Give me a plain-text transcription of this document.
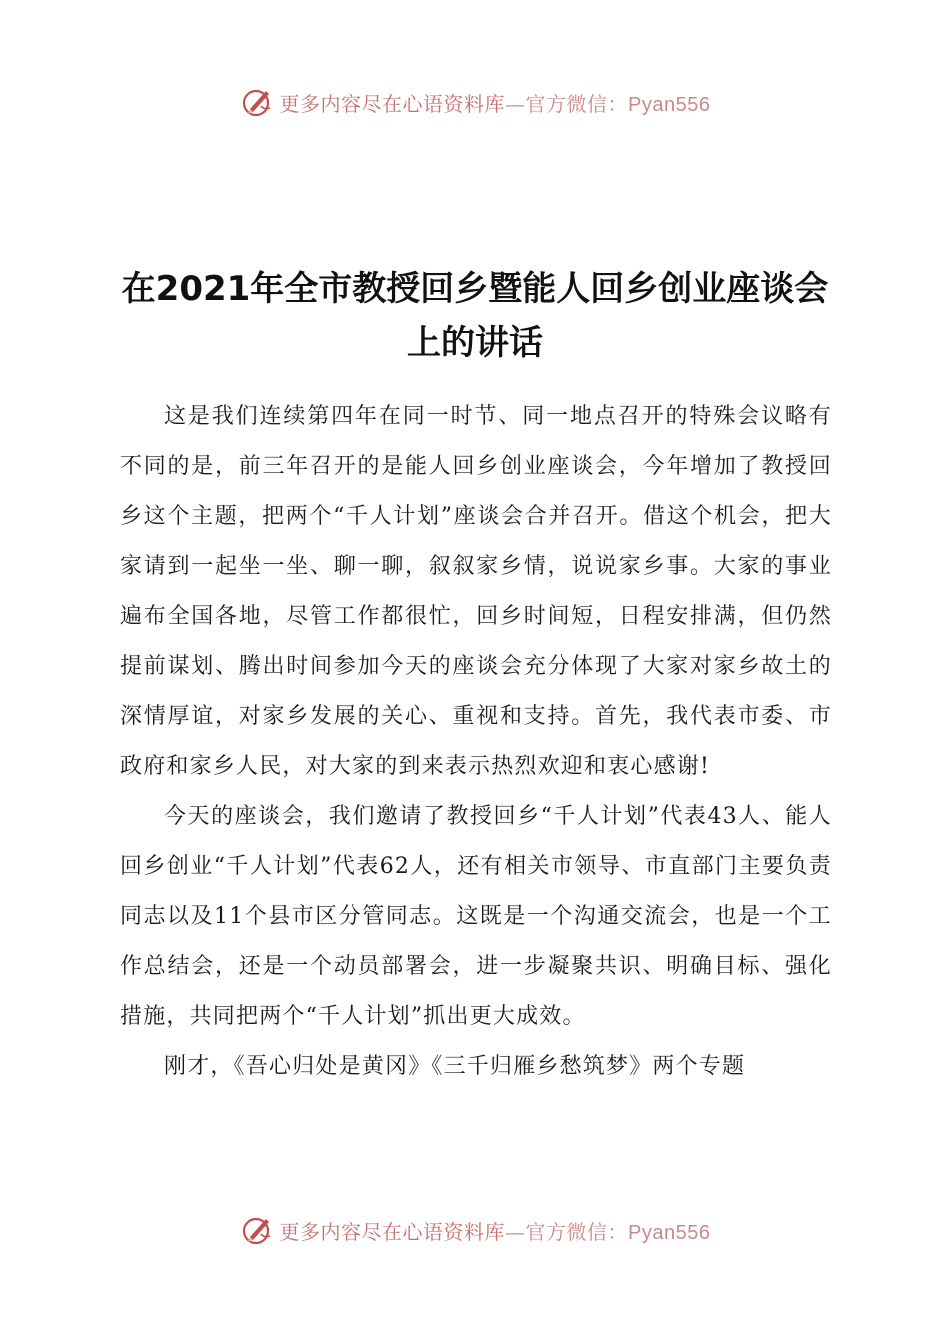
更多内容尽在心语资料库—官方微信：Pyan556
在2021年全市教授回乡暨能人回乡创业座谈会上的讲话

这是我们连续第四年在同一时节、同一地点召开的特殊会议略有不同的是，前三年召开的是能人回乡创业座谈会，今年增加了教授回乡这个主题，把两个“千人计划”座谈会合并召开。借这个机会，把大家请到一起坐一坐、聊一聊，叙叙家乡情，说说家乡事。大家的事业遍布全国各地，尽管工作都很忙，回乡时间短，日程安排满，但仍然提前谋划、腾出时间参加今天的座谈会充分体现了大家对家乡故土的深情厚谊，对家乡发展的关心、重视和支持。首先，我代表市委、市政府和家乡人民，对大家的到来表示热烈欢迎和衷心感谢!

今天的座谈会，我们邀请了教授回乡“千人计划”代表43人、能人回乡创业“千人计划”代表62人，还有相关市领导、市直部门主要负责同志以及11个县市区分管同志。这既是一个沟通交流会，也是一个工作总结会，还是一个动员部署会，进一步凝聚共识、明确目标、强化措施，共同把两个“千人计划”抓出更大成效。

刚才，《吾心归处是黄冈》《三千归雁乡愁筑梦》两个专题

更多内容尽在心语资料库—官方微信：Pyan556
